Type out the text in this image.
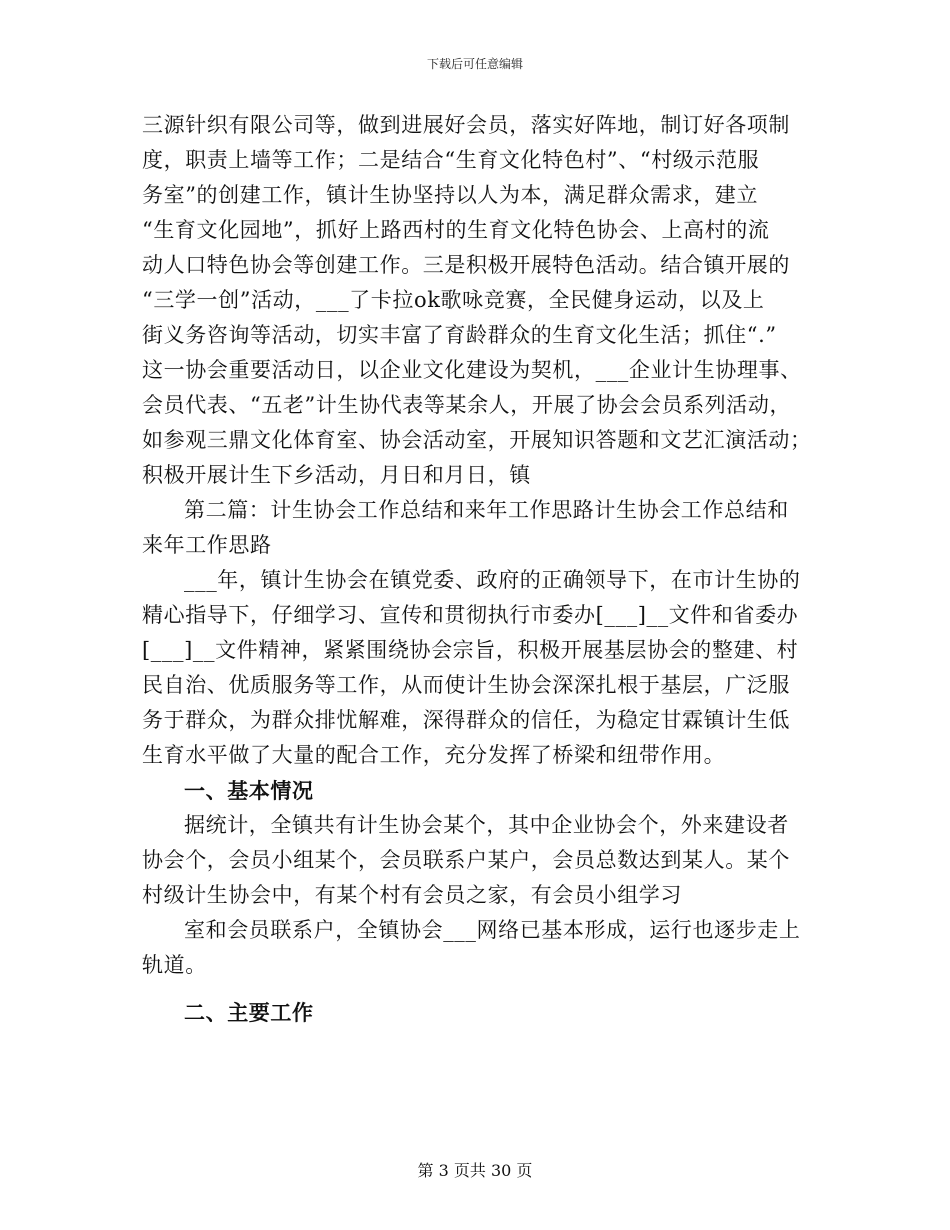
下载后可任意编辑
三源针织有限公司等，做到进展好会员，落实好阵地，制订好各项制
度，职责上墙等工作；二是结合“生育文化特色村”、“村级示范服
务室”的创建工作，镇计生协坚持以人为本，满足群众需求，建立
“生育文化园地”，抓好上路西村的生育文化特色协会、上高村的流
动人口特色协会等创建工作。三是积极开展特色活动。结合镇开展的
“三学一创”活动，___了卡拉ok歌咏竞赛，全民健身运动，以及上
街义务咨询等活动，切实丰富了育龄群众的生育文化生活；抓住“.”
这一协会重要活动日，以企业文化建设为契机，___企业计生协理事、
会员代表、“五老”计生协代表等某余人，开展了协会会员系列活动，
如参观三鼎文化体育室、协会活动室，开展知识答题和文艺汇演活动；
积极开展计生下乡活动，月日和月日，镇
第二篇：计生协会工作总结和来年工作思路计生协会工作总结和
来年工作思路
___年，镇计生协会在镇党委、政府的正确领导下，在市计生协的
精心指导下，仔细学习、宣传和贯彻执行市委办[___]__文件和省委办
[___]__文件精神，紧紧围绕协会宗旨，积极开展基层协会的整建、村
民自治、优质服务等工作，从而使计生协会深深扎根于基层，广泛服
务于群众，为群众排忧解难，深得群众的信任，为稳定甘霖镇计生低
生育水平做了大量的配合工作，充分发挥了桥梁和纽带作用。
一、基本情况
据统计，全镇共有计生协会某个，其中企业协会个，外来建设者
协会个，会员小组某个，会员联系户某户，会员总数达到某人。某个
村级计生协会中，有某个村有会员之家，有会员小组学习
室和会员联系户，全镇协会___网络已基本形成，运行也逐步走上
轨道。
二、主要工作
第 3 页共 30 页
